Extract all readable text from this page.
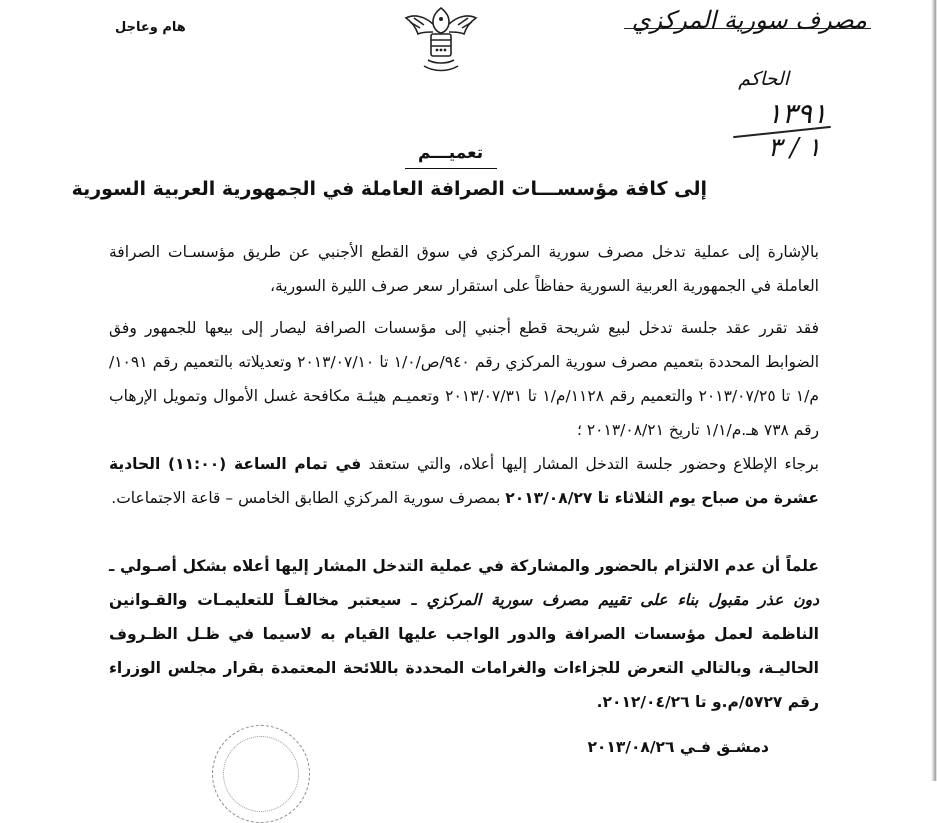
مصرف سورية المركزي
هام وعاجل
الحاكم
١٣٩١
١ / ٣
تعميـــم
إلى كافة مؤسســـات الصرافة العاملة في الجمهورية العربية السورية
بالإشارة إلى عملية تدخل مصرف سورية المركزي في سوق القطع الأجنبي عن طريق مؤسسـات الصرافة العاملة في الجمهورية العربية السورية حفاظاً على استقرار سعر صرف الليرة السورية،
فقد تقرر عقد جلسة تدخل لبيع شريحة قطع أجنبي إلى مؤسسات الصرافة ليصار إلى بيعها للجمهور وفق الضوابط المحددة بتعميم مصرف سورية المركزي رقم ٩٤٠/ص/١/٠ تا ٢٠١٣/٠٧/١٠ وتعديلاته بالتعميم رقم ١٠٩١/م/١ تا ٢٠١٣/٠٧/٢٥ والتعميم رقم ١١٢٨/م/١ تا ٢٠١٣/٠٧/٣١ وتعميـم هيئـة مكافحة غسل الأموال وتمويل الإرهاب رقم ٧٣٨ هـ.م/١/١ تاريخ ٢٠١٣/٠٨/٢١ ؛
برجاء الإطلاع وحضور جلسة التدخل المشار إليها أعلاه، والتي ستعقد في تمام الساعة (١١:٠٠) الحادية عشرة من صباح يوم الثلاثاء تا ٢٠١٣/٠٨/٢٧ بمصرف سورية المركزي الطابق الخامس – قاعة الاجتماعات.
علماً أن عدم الالتزام بالحضور والمشاركة في عملية التدخل المشار إليها أعلاه بشكل أصـولي ـ دون عذر مقبول بناء على تقييم مصرف سورية المركزي ـ سيعتبر مخالفـاً للتعليمـات والقـوانين الناظمة لعمل مؤسسات الصرافة والدور الواجب عليها القيام به لاسيما في ظـل الظـروف الحاليـة، وبالتالي التعرض للجزاءات والغرامات المحددة باللائحة المعتمدة بقرار مجلس الوزراء رقم ٥٧٢٧/م.و تا ٢٠١٢/٠٤/٢٦.
دمشـق فـي ٢٠١٣/٠٨/٢٦
